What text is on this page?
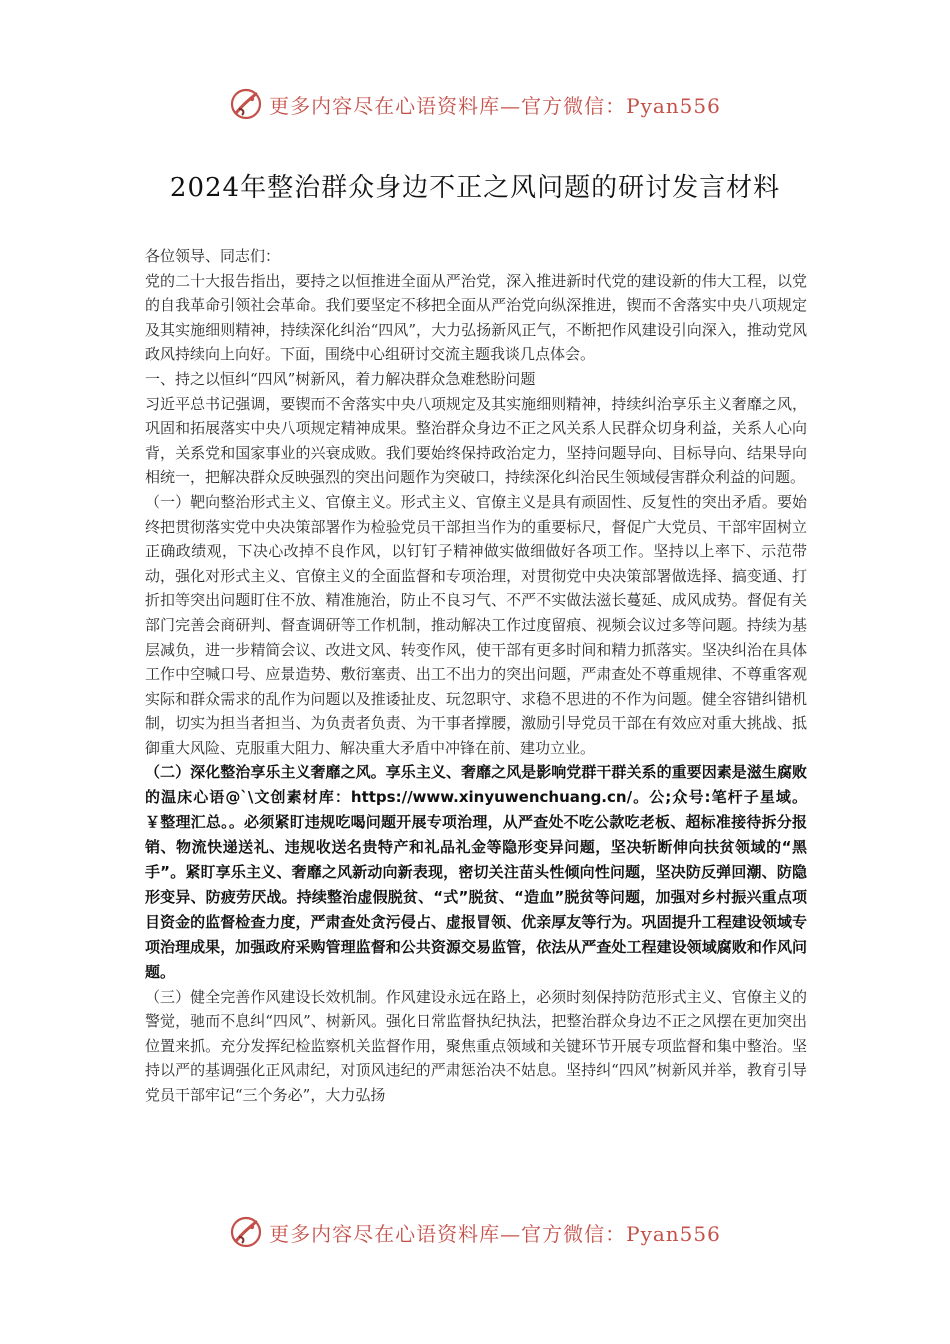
更多内容尽在心语资料库—官方微信：Pyan556
2024年整治群众身边不正之风问题的研讨发言材料

各位领导、同志们：

党的二十大报告指出，要持之以恒推进全面从严治党，深入推进新时代党的建设新的伟大工程，以党的自我革命引领社会革命。我们要坚定不移把全面从严治党向纵深推进，锲而不舍落实中央八项规定及其实施细则精神，持续深化纠治“四风”，大力弘扬新风正气，不断把作风建设引向深入，推动党风政风持续向上向好。下面，围绕中心组研讨交流主题我谈几点体会。

一、持之以恒纠“四风”树新风，着力解决群众急难愁盼问题

习近平总书记强调，要锲而不舍落实中央八项规定及其实施细则精神，持续纠治享乐主义奢靡之风，巩固和拓展落实中央八项规定精神成果。整治群众身边不正之风关系人民群众切身利益，关系人心向背，关系党和国家事业的兴衰成败。我们要始终保持政治定力，坚持问题导向、目标导向、结果导向相统一，把解决群众反映强烈的突出问题作为突破口，持续深化纠治民生领域侵害群众利益的问题。

（一）靶向整治形式主义、官僚主义。形式主义、官僚主义是具有顽固性、反复性的突出矛盾。要始终把贯彻落实党中央决策部署作为检验党员干部担当作为的重要标尺，督促广大党员、干部牢固树立正确政绩观，下决心改掉不良作风，以钉钉子精神做实做细做好各项工作。坚持以上率下、示范带动，强化对形式主义、官僚主义的全面监督和专项治理，对贯彻党中央决策部署做选择、搞变通、打折扣等突出问题盯住不放、精准施治，防止不良习气、不严不实做法滋长蔓延、成风成势。督促有关部门完善会商研判、督查调研等工作机制，推动解决工作过度留痕、视频会议过多等问题。持续为基层减负，进一步精简会议、改进文风、转变作风，使干部有更多时间和精力抓落实。坚决纠治在具体工作中空喊口号、应景造势、敷衍塞责、出工不出力的突出问题，严肃查处不尊重规律、不尊重客观实际和群众需求的乱作为问题以及推诿扯皮、玩忽职守、求稳不思进的不作为问题。健全容错纠错机制，切实为担当者担当、为负责者负责、为干事者撑腰，激励引导党员干部在有效应对重大挑战、抵御重大风险、克服重大阻力、解决重大矛盾中冲锋在前、建功立业。

（二）深化整治享乐主义奢靡之风。享乐主义、奢靡之风是影响党群干群关系的重要因素是滋生腐败的温床心语@`\文创素材库：https://www.xinyuwenchuang.cn/。公;众号:笔杆子星域。￥整理汇总。。必须紧盯违规吃喝问题开展专项治理，从严查处不吃公款吃老板、超标准接待拆分报销、物流快递送礼、违规收送名贵特产和礼品礼金等隐形变异问题，坚决斩断伸向扶贫领域的“黑手”。紧盯享乐主义、奢靡之风新动向新表现，密切关注苗头性倾向性问题，坚决防反弹回潮、防隐形变异、防疲劳厌战。持续整治虚假脱贫、“式”脱贫、“造血”脱贫等问题，加强对乡村振兴重点项目资金的监督检查力度，严肃查处贪污侵占、虚报冒领、优亲厚友等行为。巩固提升工程建设领域专项治理成果，加强政府采购管理监督和公共资源交易监管，依法从严查处工程建设领域腐败和作风问题。

（三）健全完善作风建设长效机制。作风建设永远在路上，必须时刻保持防范形式主义、官僚主义的警觉，驰而不息纠“四风”、树新风。强化日常监督执纪执法，把整治群众身边不正之风摆在更加突出位置来抓。充分发挥纪检监察机关监督作用，聚焦重点领域和关键环节开展专项监督和集中整治。坚持以严的基调强化正风肃纪，对顶风违纪的严肃惩治决不姑息。坚持纠“四风”树新风并举，教育引导党员干部牢记“三个务必”，大力弘扬

更多内容尽在心语资料库—官方微信：Pyan556
